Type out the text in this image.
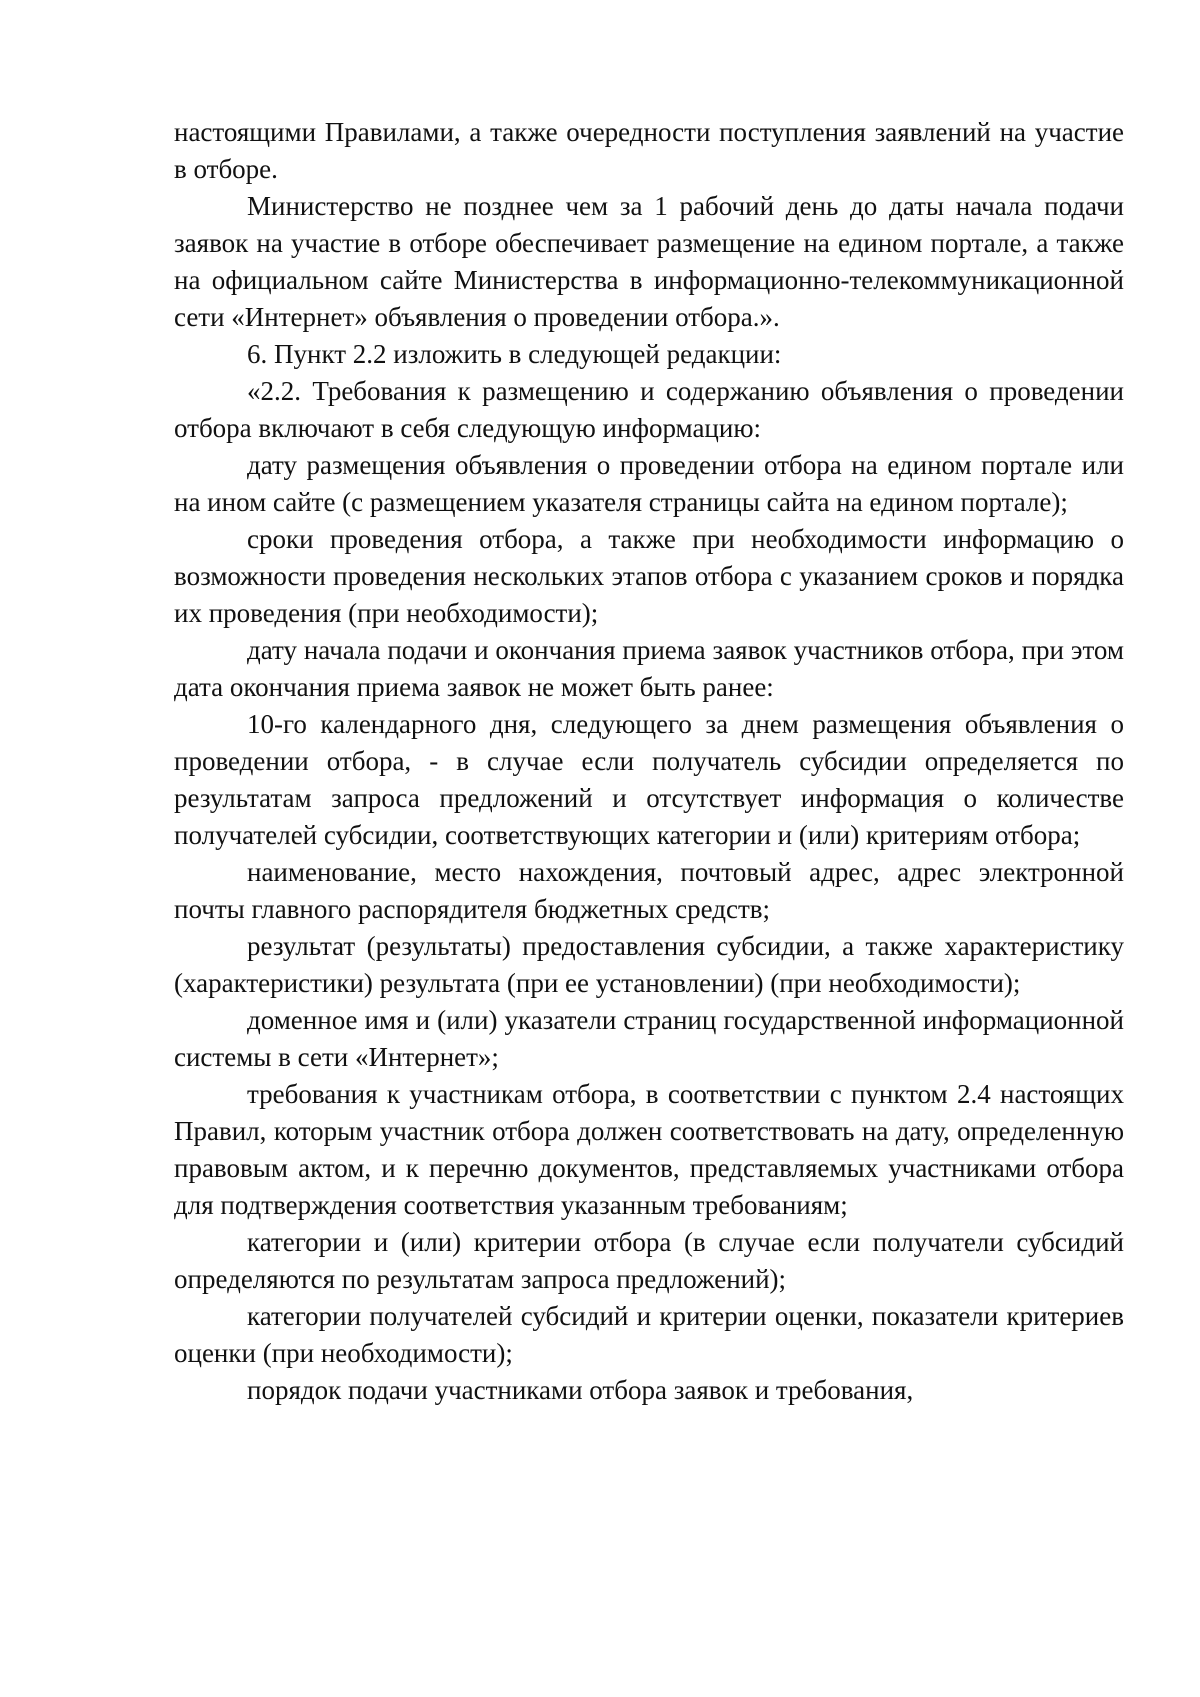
настоящими Правилами, а также очередности поступления заявлений на участие в отборе.

Министерство не позднее чем за 1 рабочий день до даты начала подачи заявок на участие в отборе обеспечивает размещение на едином портале, а также на официальном сайте Министерства в информационно-телекоммуникационной сети «Интернет» объявления о проведении отбора.».

6. Пункт 2.2 изложить в следующей редакции:

«2.2. Требования к размещению и содержанию объявления о проведении отбора включают в себя следующую информацию:

дату размещения объявления о проведении отбора на едином портале или на ином сайте (с размещением указателя страницы сайта на едином портале);

сроки проведения отбора, а также при необходимости информацию о возможности проведения нескольких этапов отбора с указанием сроков и порядка их проведения (при необходимости);

дату начала подачи и окончания приема заявок участников отбора, при этом дата окончания приема заявок не может быть ранее:

10-го календарного дня, следующего за днем размещения объявления о проведении отбора, - в случае если получатель субсидии определяется по результатам запроса предложений и отсутствует информация о количестве получателей субсидии, соответствующих категории и (или) критериям отбора;

наименование, место нахождения, почтовый адрес, адрес электронной почты главного распорядителя бюджетных средств;

результат (результаты) предоставления субсидии, а также характеристику (характеристики) результата (при ее установлении) (при необходимости);

доменное имя и (или) указатели страниц государственной информационной системы в сети «Интернет»;

требования к участникам отбора, в соответствии с пунктом 2.4 настоящих Правил, которым участник отбора должен соответствовать на дату, определенную правовым актом, и к перечню документов, представляемых участниками отбора для подтверждения соответствия указанным требованиям;

категории и (или) критерии отбора (в случае если получатели субсидий определяются по результатам запроса предложений);

категории получателей субсидий и критерии оценки, показатели критериев оценки (при необходимости);

порядок подачи участниками отбора заявок и требования,
